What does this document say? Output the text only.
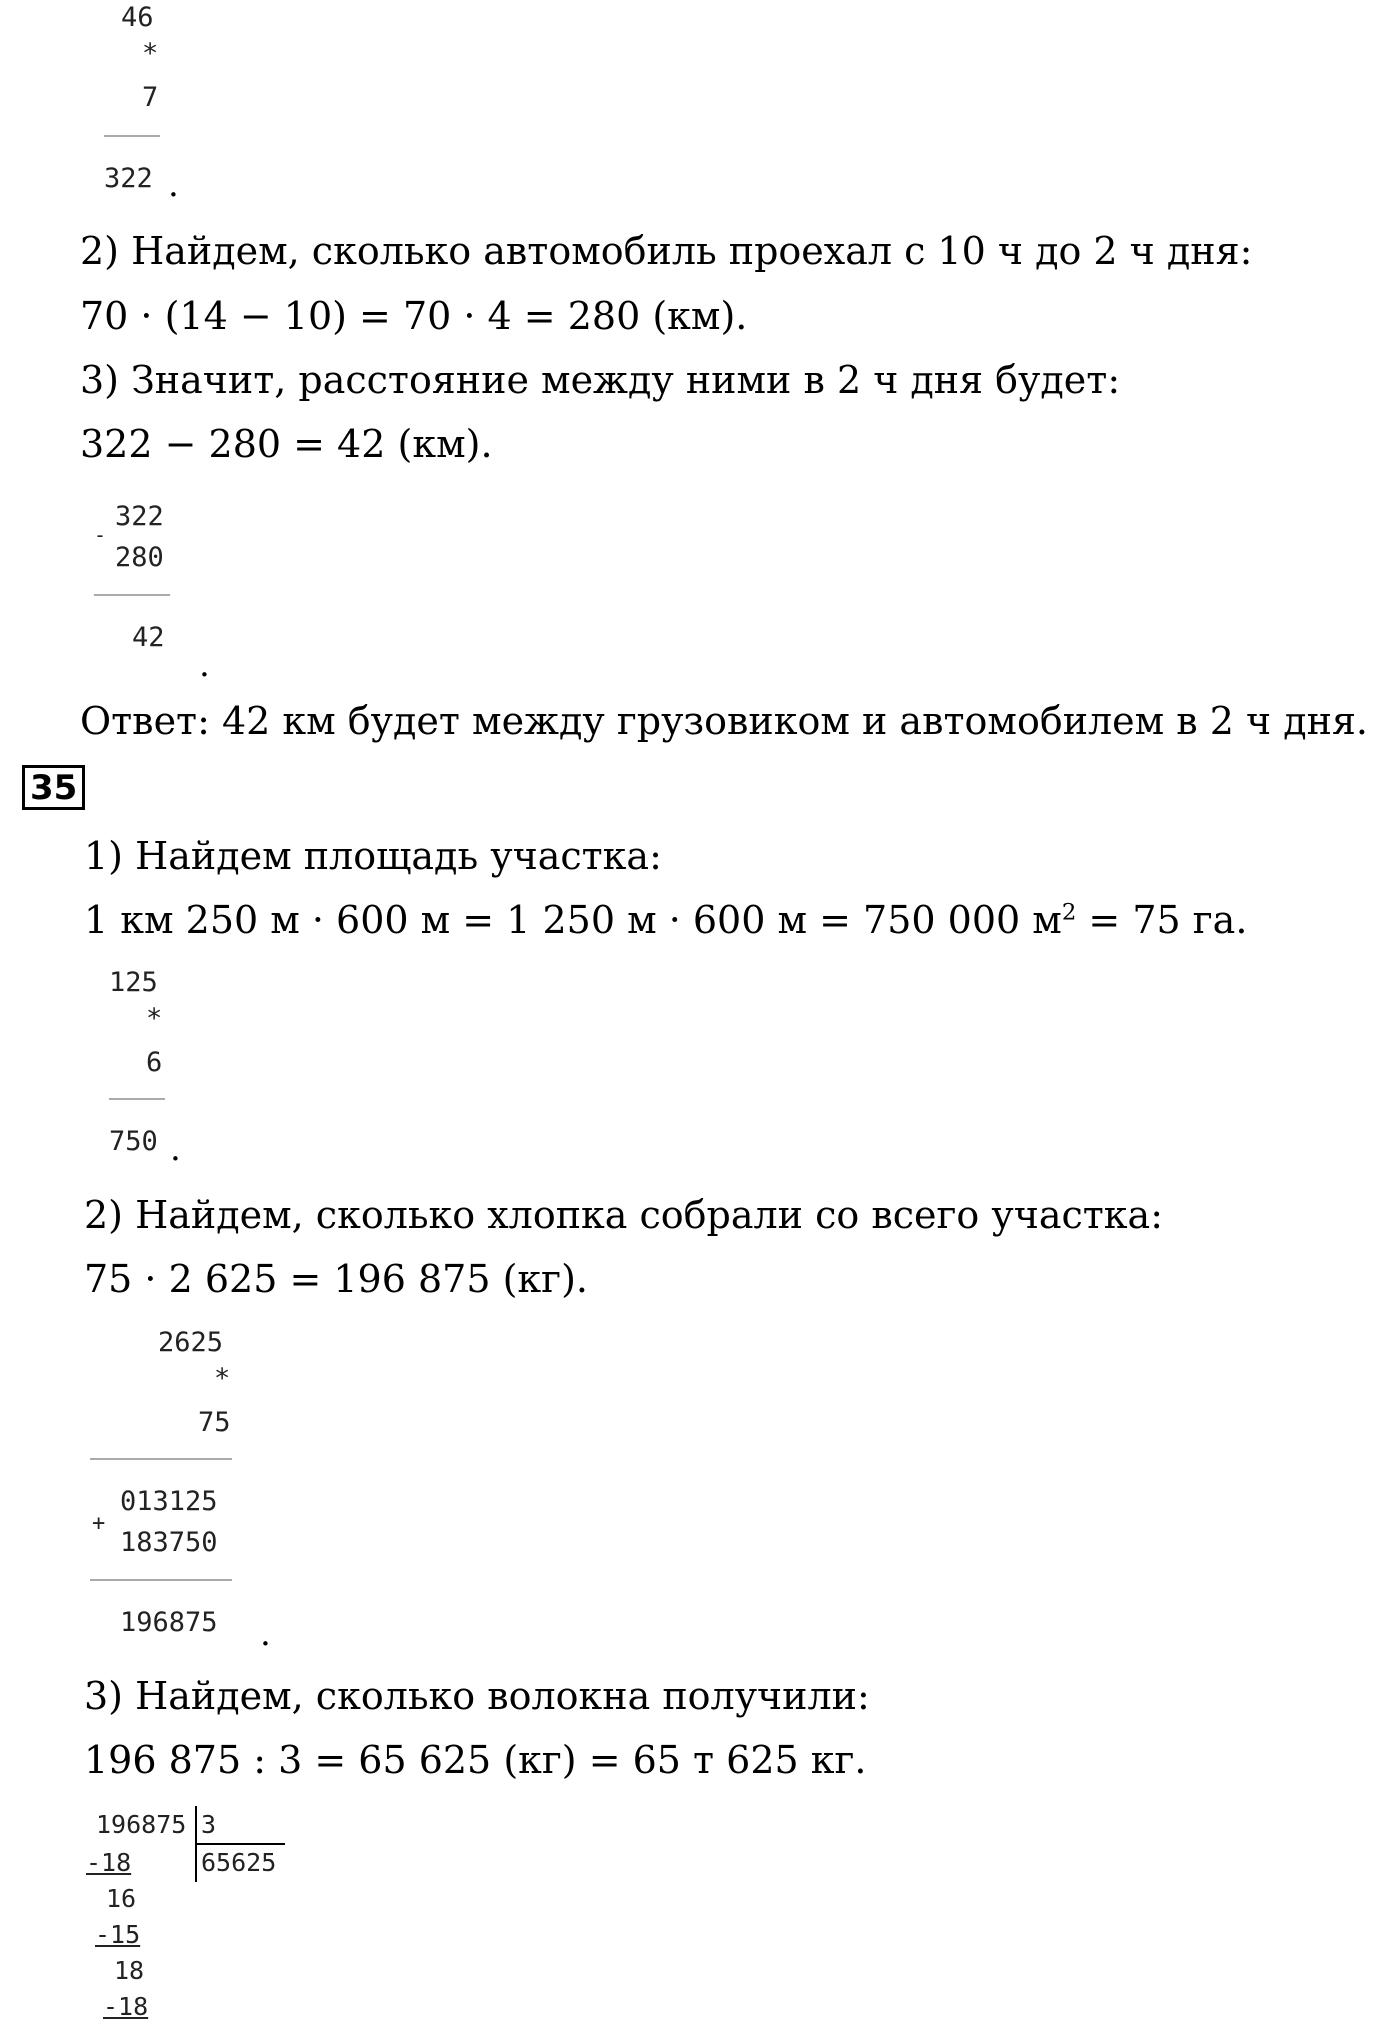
46
*
7
322 .
2) Найдем, сколько автомобиль проехал с 10 ч до 2 ч дня:
70 · (14 − 10) = 70 · 4 = 280 (км).
3) Значит, расстояние между ними в 2 ч дня будет:
322 − 280 = 42 (км).
322
-
280
42
.
Ответ: 42 км будет между грузовиком и автомобилем в 2 ч дня.
35
1) Найдем площадь участка:
1 км 250 м · 600 м = 1 250 м · 600 м = 750 000 $м^2 = 75$ га.
125
*
6
750 .
2) Найдем, сколько хлопка собрали со всего участка:
75 · 2 625 = 196 875 (кг).
2625
*
75
013125
+
183750
196875 .
3) Найдем, сколько волокна получили:
196 875 : 3 = 65 625 (кг) = 65 т 625 кг.
196875 3
65625
-18
16
-15
18
-18
